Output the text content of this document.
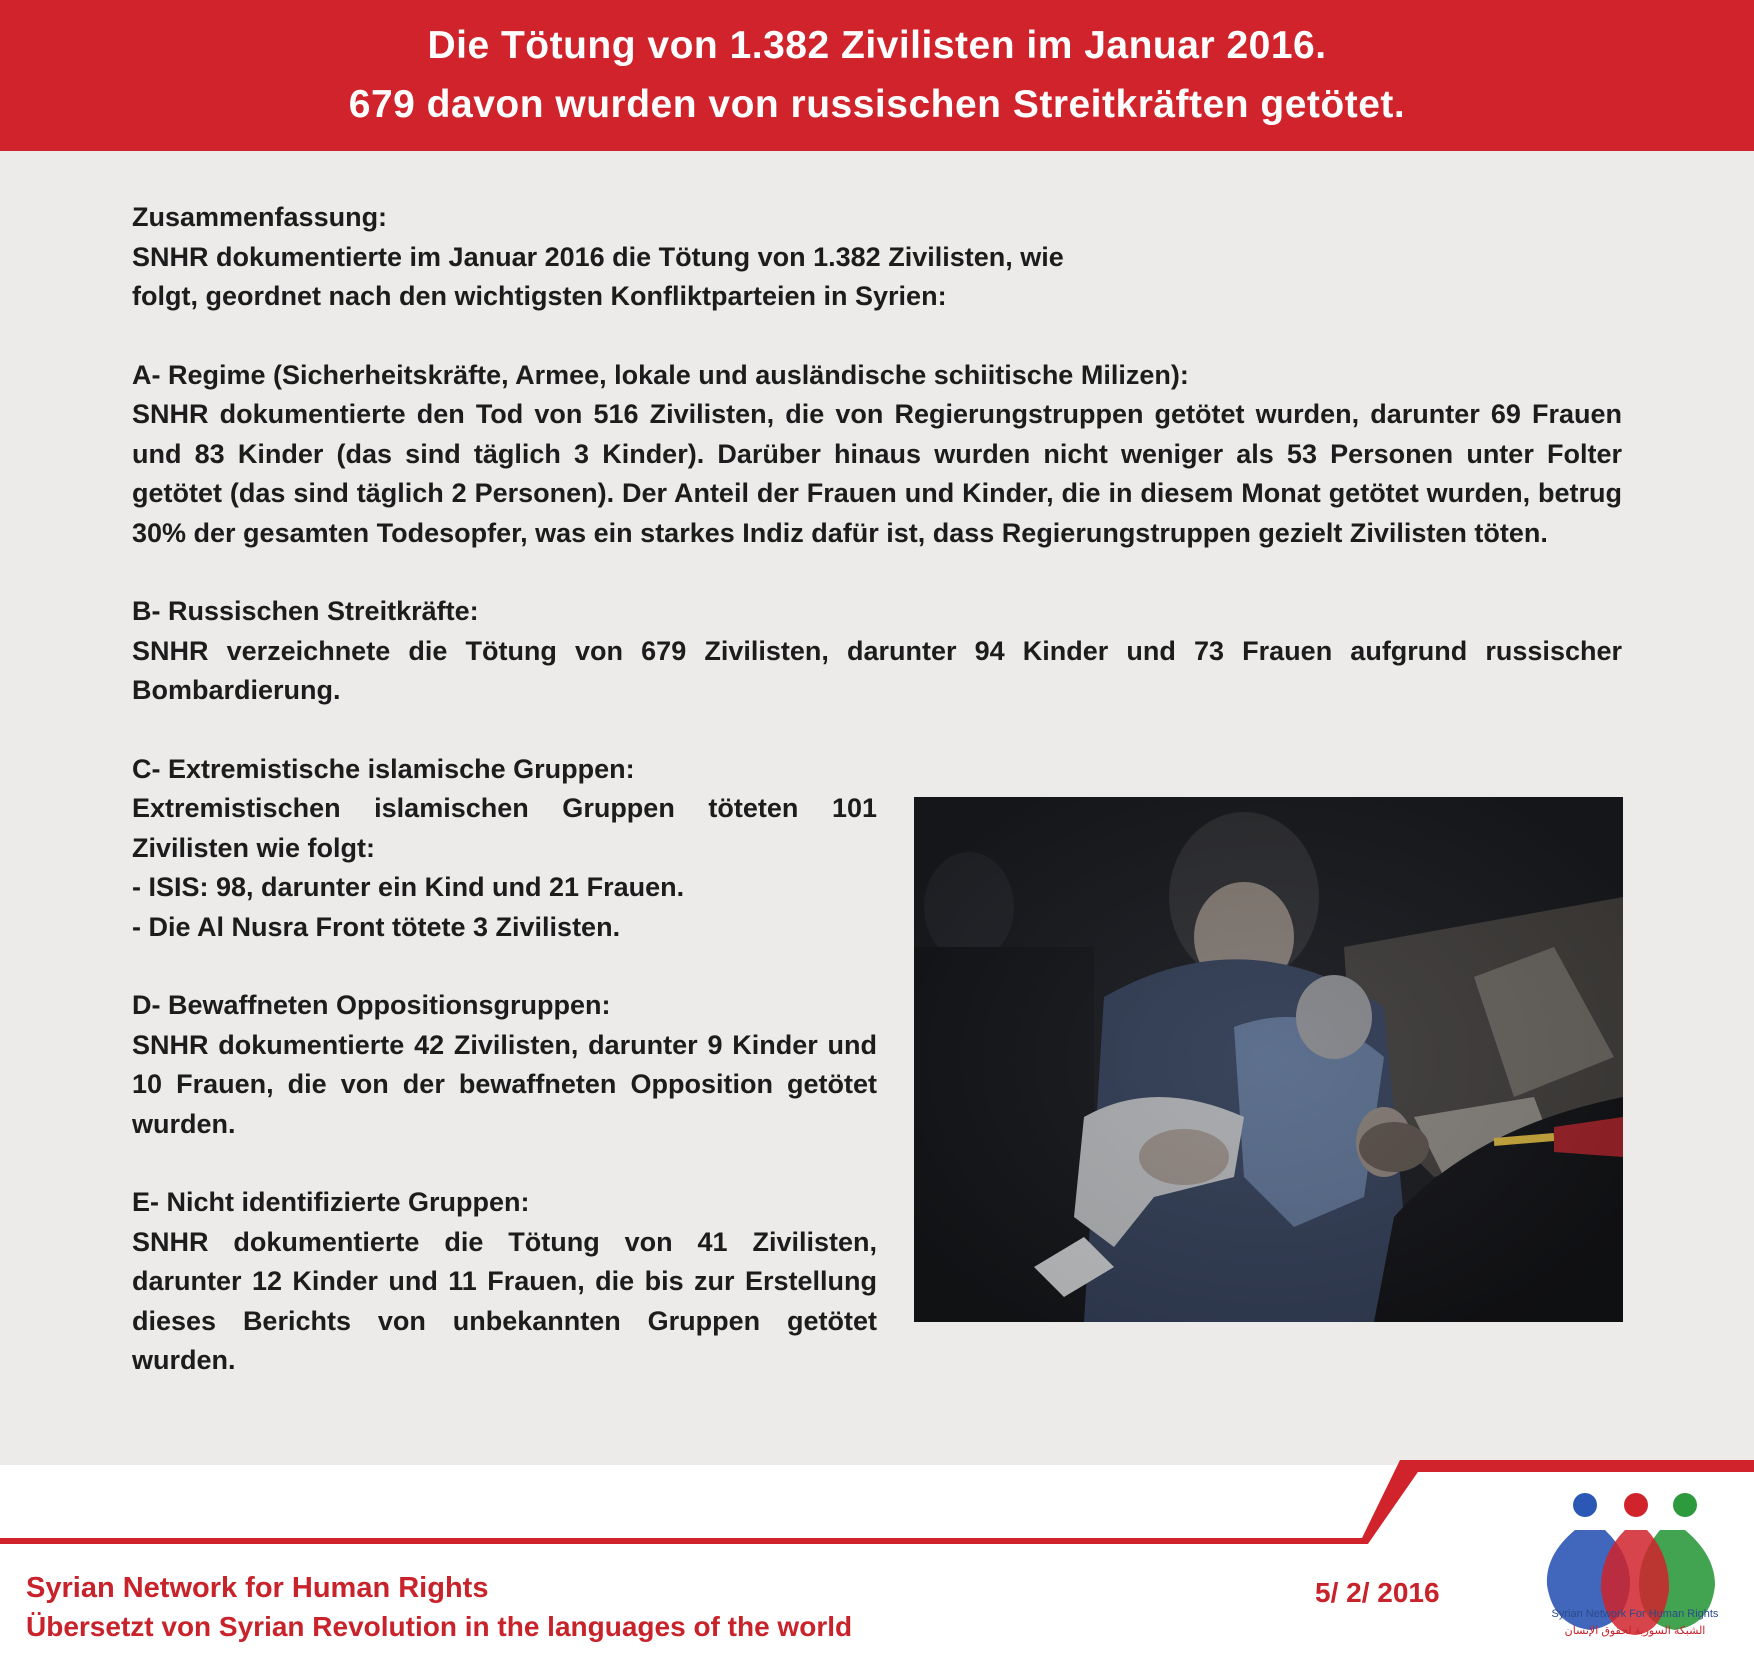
Die Tötung von 1.382 Zivilisten im Januar 2016.
679 davon wurden von russischen Streitkräften getötet.

Zusammenfassung:

SNHR dokumentierte im Januar 2016 die Tötung von 1.382 Zivilisten, wie

folgt, geordnet nach den wichtigsten Konfliktparteien in Syrien:

A- Regime (Sicherheitskräfte, Armee, lokale und ausländische schiitische Milizen):

SNHR dokumentierte den Tod von 516 Zivilisten, die von Regierungstruppen getötet wurden, darunter 69 Frauen und 83 Kinder (das sind täglich 3 Kinder). Darüber hinaus wurden nicht weniger als 53 Personen unter Folter getötet (das sind täglich 2 Personen). Der Anteil der Frauen und Kinder, die in diesem Monat getötet wurden, betrug 30% der gesamten Todesopfer, was ein starkes Indiz dafür ist, dass Regierungstruppen gezielt Zivilisten töten.

B- Russischen Streitkräfte:

SNHR verzeichnete die Tötung von 679 Zivilisten, darunter 94 Kinder und 73 Frauen aufgrund russischer Bombardierung.

C- Extremistische islamische Gruppen:

Extremistischen islamischen Gruppen töteten 101 Zivilisten wie folgt:

- ISIS: 98, darunter ein Kind und 21 Frauen.

- Die Al Nusra Front tötete 3 Zivilisten.

D- Bewaffneten Oppositionsgruppen:

SNHR dokumentierte 42 Zivilisten, darunter 9 Kinder und 10 Frauen, die von der bewaffneten Opposition getötet wurden.

E- Nicht identifizierte Gruppen:

SNHR dokumentierte die Tötung von 41 Zivilisten, darunter 12 Kinder und 11 Frauen, die bis zur Erstellung dieses Berichts von unbekannten Gruppen getötet wurden.

Syrian Network for Human Rights
Übersetzt von Syrian Revolution in the languages of the world
5/ 2/ 2016
Syrian Network For Human Rights
الشبكة السورية لحقوق الإنسان
